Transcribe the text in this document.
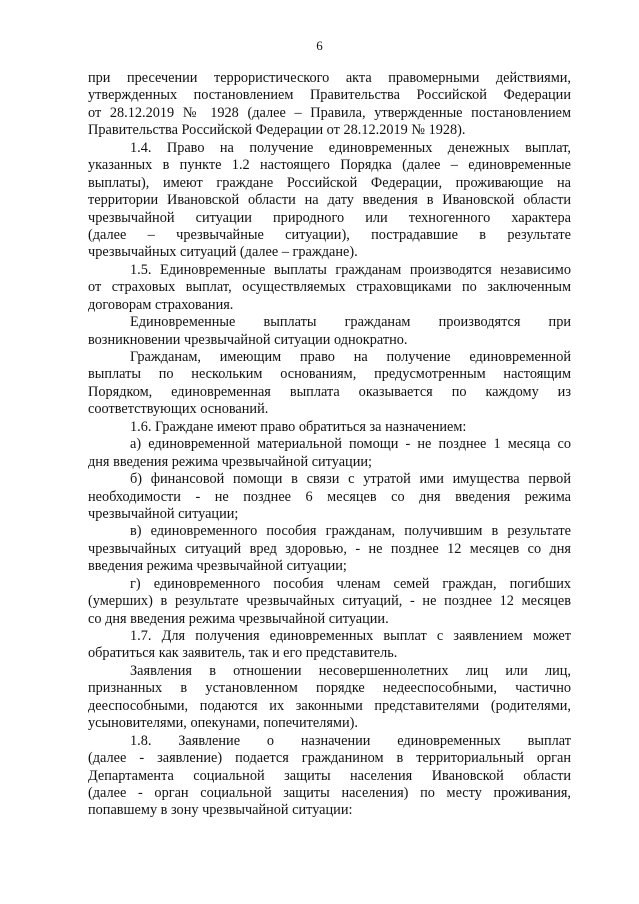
6
при пресечении террористического акта правомерными действиями,
утвержденных постановлением Правительства Российской Федерации
от 28.12.2019 № 1928 (далее – Правила, утвержденные постановлением
Правительства Российской Федерации от 28.12.2019 № 1928).
1.4. Право на получение единовременных денежных выплат,
указанных в пункте 1.2 настоящего Порядка (далее – единовременные
выплаты), имеют граждане Российской Федерации, проживающие на
территории Ивановской области на дату введения в Ивановской области
чрезвычайной ситуации природного или техногенного характера
(далее – чрезвычайные ситуации), пострадавшие в результате
чрезвычайных ситуаций (далее – граждане).
1.5. Единовременные выплаты гражданам производятся независимо
от страховых выплат, осуществляемых страховщиками по заключенным
договорам страхования.
Единовременные выплаты гражданам производятся при
возникновении чрезвычайной ситуации однократно.
Гражданам, имеющим право на получение единовременной
выплаты по нескольким основаниям, предусмотренным настоящим
Порядком, единовременная выплата оказывается по каждому из
соответствующих оснований.
1.6. Граждане имеют право обратиться за назначением:
а) единовременной материальной помощи - не позднее 1 месяца со
дня введения режима чрезвычайной ситуации;
б) финансовой помощи в связи с утратой ими имущества первой
необходимости - не позднее 6 месяцев со дня введения режима
чрезвычайной ситуации;
в) единовременного пособия гражданам, получившим в результате
чрезвычайных ситуаций вред здоровью, - не позднее 12 месяцев со дня
введения режима чрезвычайной ситуации;
г) единовременного пособия членам семей граждан, погибших
(умерших) в результате чрезвычайных ситуаций, - не позднее 12 месяцев
со дня введения режима чрезвычайной ситуации.
1.7. Для получения единовременных выплат с заявлением может
обратиться как заявитель, так и его представитель.
Заявления в отношении несовершеннолетних лиц или лиц,
признанных в установленном порядке недееспособными, частично
дееспособными, подаются их законными представителями (родителями,
усыновителями, опекунами, попечителями).
1.8. Заявление о назначении единовременных выплат
(далее - заявление) подается гражданином в территориальный орган
Департамента социальной защиты населения Ивановской области
(далее - орган социальной защиты населения) по месту проживания,
попавшему в зону чрезвычайной ситуации:
